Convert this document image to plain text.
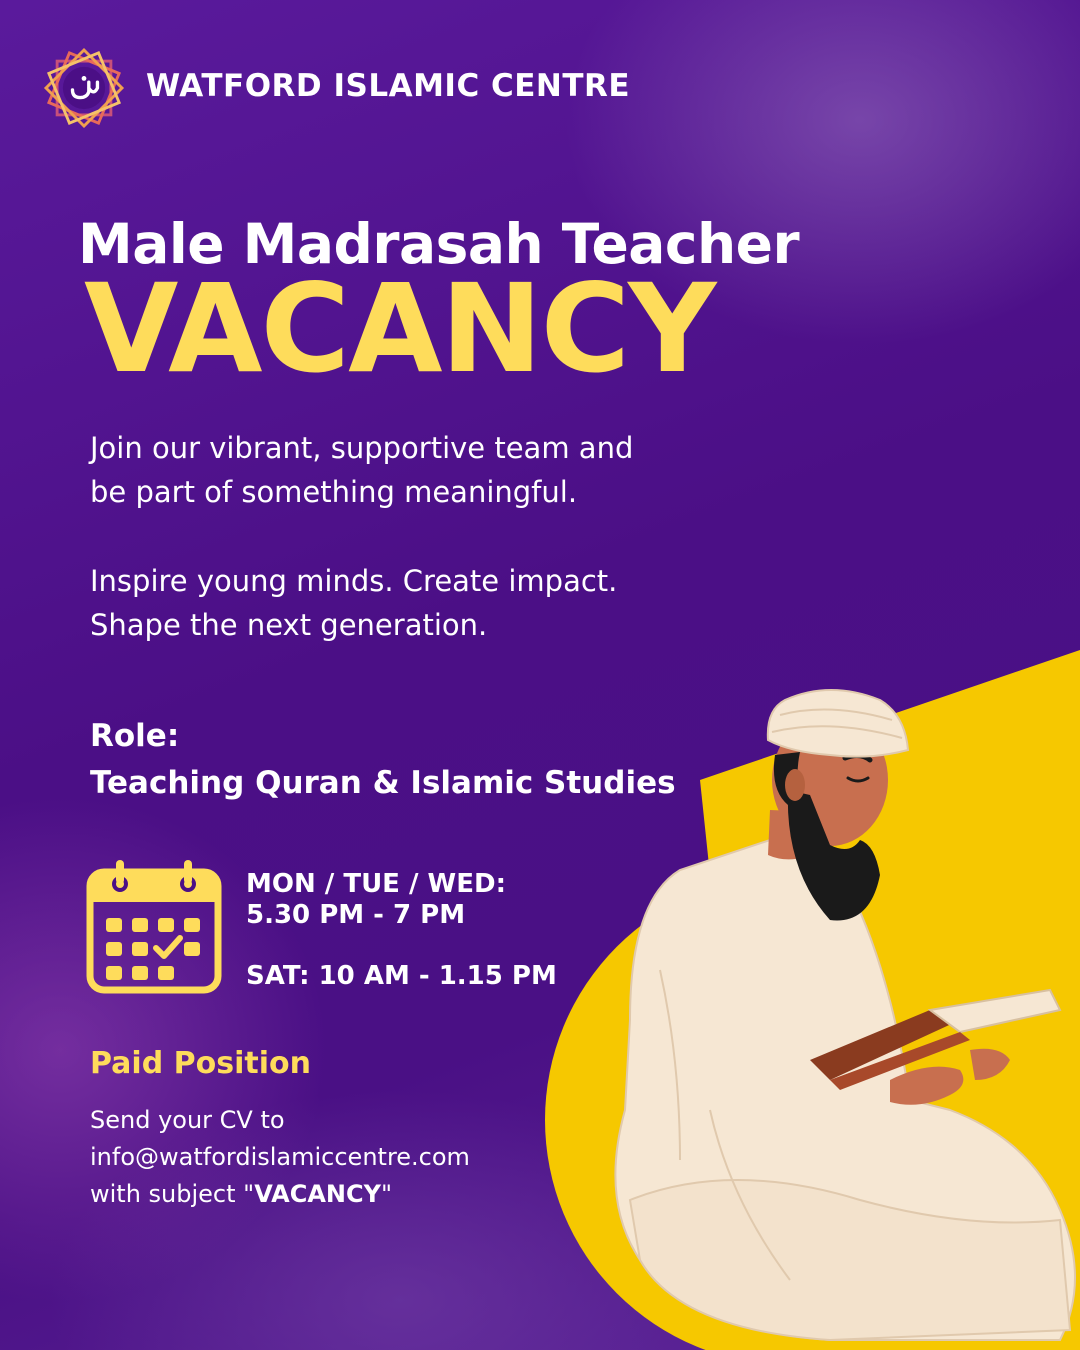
WATFORD ISLAMIC CENTRE
Male Madrasah Teacher
VACANCY
Join our vibrant, supportive team and
be part of something meaningful.
Inspire young minds. Create impact.
Shape the next generation.
Role:
Teaching Quran & Islamic Studies
MON / TUE / WED:
5.30 PM - 7 PM
SAT: 10 AM - 1.15 PM
Paid Position
Send your CV to
info@watfordislamiccentre.com
with subject "VACANCY"
